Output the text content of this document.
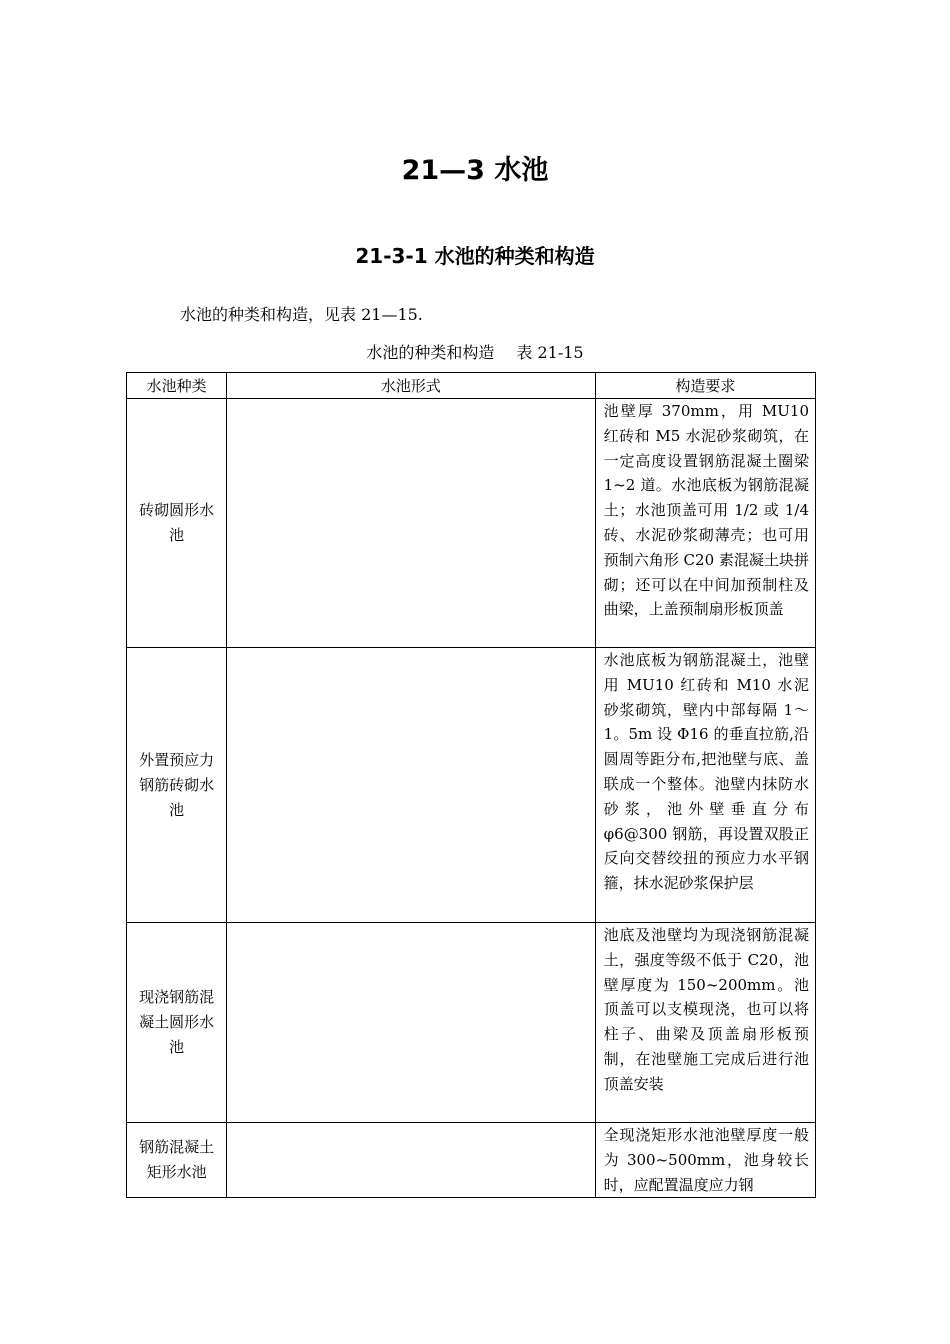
21—3 水池
21-3-1 水池的种类和构造
水池的种类和构造，见表 21—15.
水池的种类和构造 表 21-15
水池种类	水池形式	构造要求
砖砌圆形水池		池壁厚 370mm，用 MU10 红砖和 M5 水泥砂浆砌筑，在一定高度设置钢筋混凝土圈梁 1~2 道。水池底板为钢筋混凝土；水池顶盖可用 1/2 或 1/4 砖、水泥砂浆砌薄壳；也可用预制六角形 C20 素混凝土块拼砌；还可以在中间加预制柱及曲梁，上盖预制扇形板顶盖
外置预应力钢筋砖砌水池		水池底板为钢筋混凝土，池壁用 MU10 红砖和 M10 水泥砂浆砌筑，壁内中部每隔 1～1。5m 设 Φ16 的垂直拉筋,沿圆周等距分布,把池壁与底、盖联成一个整体。池壁内抹防水砂浆，池外壁垂直分布 φ6@300 钢筋，再设置双股正反向交替绞扭的预应力水平钢箍，抹水泥砂浆保护层
现浇钢筋混凝土圆形水池		池底及池壁均为现浇钢筋混凝土，强度等级不低于 C20，池壁厚度为 150~200mm。池顶盖可以支模现浇，也可以将柱子、曲梁及顶盖扇形板预制，在池壁施工完成后进行池顶盖安装
钢筋混凝土矩形水池		全现浇矩形水池池壁厚度一般为 300~500mm，池身较长时，应配置温度应力钢
